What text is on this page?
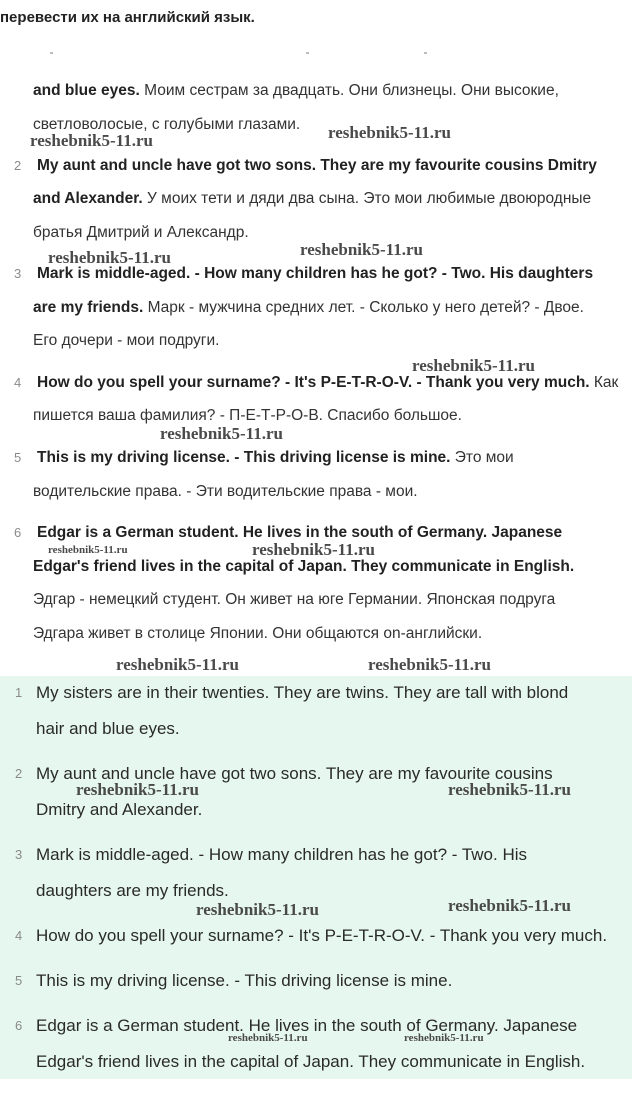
перевести их на английский язык.

and blue eyes. Моим сестрам за двадцать. Они близнецы. Они высокие,

светловолосые, с голубыми глазами.

2 My aunt and uncle have got two sons. They are my favourite cousins Dmitry

and Alexander. У моих тети и дяди два сына. Это мои любимые двоюродные

братья Дмитрий и Александр.

3 Mark is middle-aged. - How many children has he got? - Two. His daughters

are my friends. Марк - мужчина средних лет. - Сколько у него детей? - Двое.

Его дочери - мои подруги.

4 How do you spell your surname? - It's P-E-T-R-O-V. - Thank you very much. Как

пишется ваша фамилия? - П-Е-Т-Р-О-В. Спасибо большое.

5 This is my driving license. - This driving license is mine. Это мои

водительские права. - Эти водительские права - мои.

6 Edgar is a German student. He lives in the south of Germany. Japanese

Edgar's friend lives in the capital of Japan. They communicate in English.

Эдгар - немецкий студент. Он живет на юге Германии. Японская подруга

Эдгара живет в столице Японии. Они общаются on-английски.

1 My sisters are in their twenties. They are twins. They are tall with blond

hair and blue eyes.

2 My aunt and uncle have got two sons. They are my favourite cousins

Dmitry and Alexander.

3 Mark is middle-aged. - How many children has he got? - Two. His

daughters are my friends.

4 How do you spell your surname? - It's P-E-T-R-O-V. - Thank you very much.

5 This is my driving license. - This driving license is mine.

6 Edgar is a German student. He lives in the south of Germany. Japanese

Edgar's friend lives in the capital of Japan. They communicate in English.

reshebnik5-11.ru	reshebnik5-11.ru
reshebnik5-11.ru	reshebnik5-11.ru
reshebnik5-11.ru
reshebnik5-11.ru
reshebnik5-11.ru	reshebnik5-11.ru
reshebnik5-11.ru	reshebnik5-11.ru
reshebnik5-11.ru	reshebnik5-11.ru
reshebnik5-11.ru	reshebnik5-11.ru
reshebnik5-11.ru	reshebnik5-11.ru
